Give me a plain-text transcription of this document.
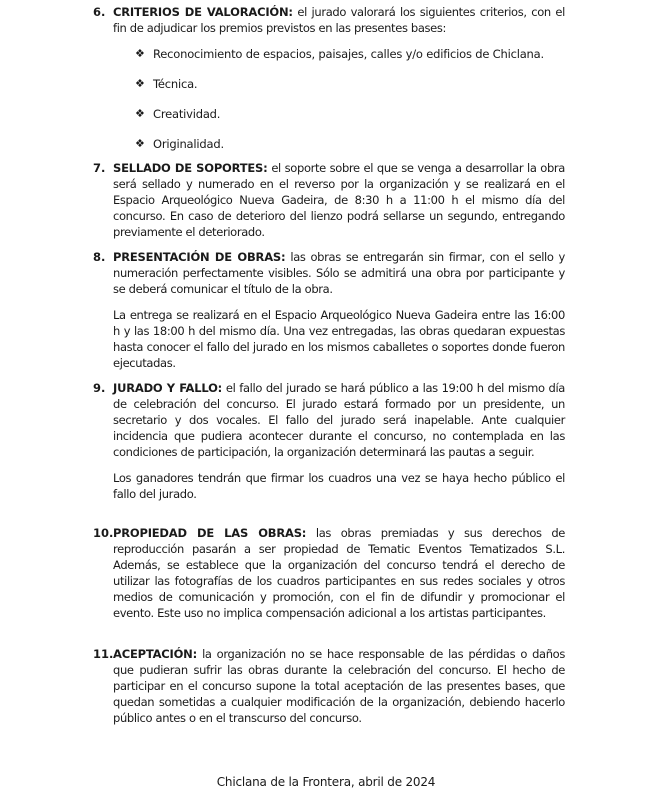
6. CRITERIOS DE VALORACIÓN: el jurado valorará los siguientes criterios, con el fin de adjudicar los premios previstos en las presentes bases:

❖ Reconocimiento de espacios, paisajes, calles y/o edificios de Chiclana.
❖ Técnica.
❖ Creatividad.
❖ Originalidad.
7. SELLADO DE SOPORTES: el soporte sobre el que se venga a desarrollar la obra será sellado y numerado en el reverso por la organización y se realizará en el Espacio Arqueológico Nueva Gadeira, de 8:30 h a 11:00 h el mismo día del concurso. En caso de deterioro del lienzo podrá sellarse un segundo, entregando previamente el deteriorado.

8. PRESENTACIÓN DE OBRAS: las obras se entregarán sin firmar, con el sello y numeración perfectamente visibles. Sólo se admitirá una obra por participante y se deberá comunicar el título de la obra.

La entrega se realizará en el Espacio Arqueológico Nueva Gadeira entre las 16:00 h y las 18:00 h del mismo día. Una vez entregadas, las obras quedaran expuestas hasta conocer el fallo del jurado en los mismos caballetes o soportes donde fueron ejecutadas.

9. JURADO Y FALLO: el fallo del jurado se hará público a las 19:00 h del mismo día de celebración del concurso. El jurado estará formado por un presidente, un secretario y dos vocales. El fallo del jurado será inapelable. Ante cualquier incidencia que pudiera acontecer durante el concurso, no contemplada en las condiciones de participación, la organización determinará las pautas a seguir.

Los ganadores tendrán que firmar los cuadros una vez se haya hecho público el fallo del jurado.

10. PROPIEDAD DE LAS OBRAS: las obras premiadas y sus derechos de reproducción pasarán a ser propiedad de Tematic Eventos Tematizados S.L. Además, se establece que la organización del concurso tendrá el derecho de utilizar las fotografías de los cuadros participantes en sus redes sociales y otros medios de comunicación y promoción, con el fin de difundir y promocionar el evento. Este uso no implica compensación adicional a los artistas participantes.

11. ACEPTACIÓN: la organización no se hace responsable de las pérdidas o daños que pudieran sufrir las obras durante la celebración del concurso. El hecho de participar en el concurso supone la total aceptación de las presentes bases, que quedan sometidas a cualquier modificación de la organización, debiendo hacerlo público antes o en el transcurso del concurso.

Chiclana de la Frontera, abril de 2024
